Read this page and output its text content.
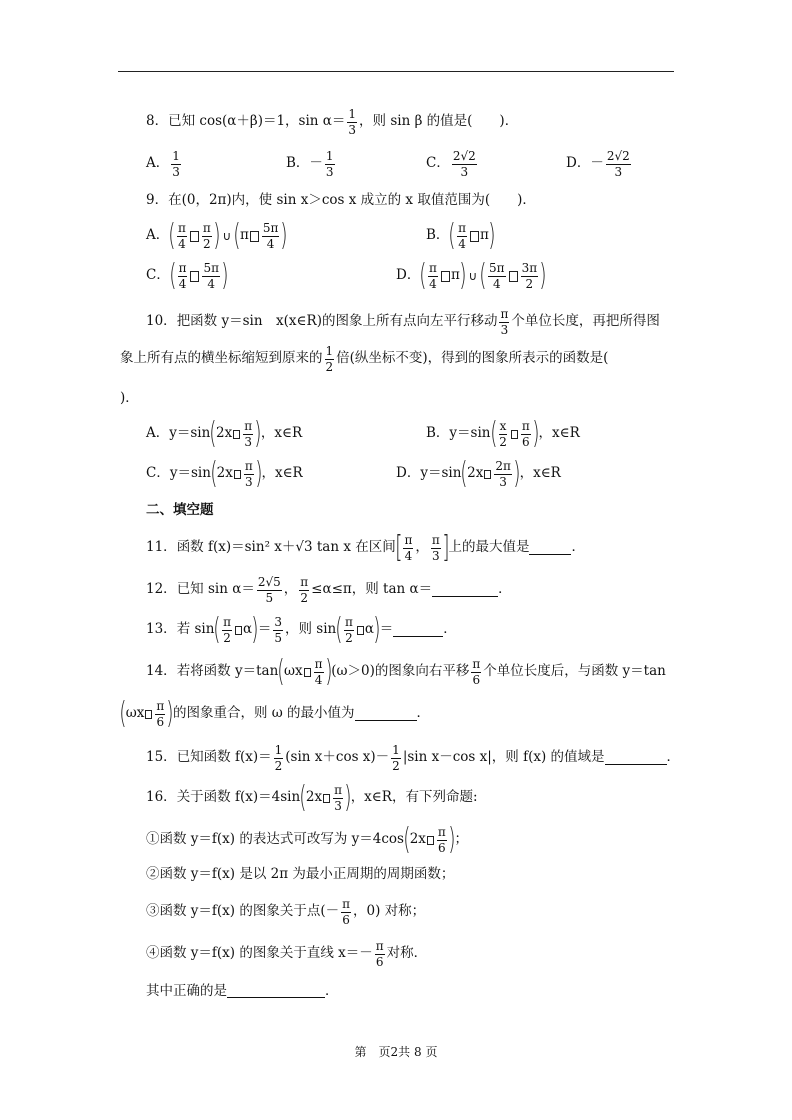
8． 已知 cos(α＋β)＝1，$\sin \alpha= \frac{1}{3}$ ，则 sin β 的值是(　　)．
A． $\frac{1}{3}$	B． － $\frac{1}{3}$	C． $\frac{2√2}{3}$	D． － $\frac{2√2}{3}$
9． 在(0，2π)内，使 sin x＞cos x 成立的 x 取值范围为(　　)．
A． ( $\frac{\pi}{4} \frac{\pi}{2}$ ) ∪ ( π $\frac{5\pi}{4}$ )	B． ( $\frac{\pi}{4}$ π )
C． ( $\frac{\pi}{4} \frac{5\pi}{4}$ )	D． ( $\frac{\pi}{4}$ π ) ∪ ( $\frac{5\pi}{4} \frac{3\pi}{2}$ )
10． 把函数 y＝sin　x(x∈R)的图象上所有点向左平行移动 $\frac{\pi}{3}$ 个单位长度，再把所得图
象上所有点的横坐标缩短到原来的 $\frac{1}{2}$ 倍(纵坐标不变)，得到的图象所表示的函数是(
)．
A． y＝sin ( $2x \frac{\pi}{3}$ ) ，x∈R	B． y＝sin ( $\frac{x}{2} \frac{\pi}{6}$ ) ，x∈R
C． y＝sin ( $2x \frac{\pi}{3}$ ) ，x∈R	D． y＝sin ( $2x \frac{2\pi}{3}$ ) ，x∈R
二、填空题
11． 函数 f(x)＝sin² x＋√3 tan x 在区间 [ $\frac{\pi}{4}$ ， $\frac{\pi}{3}$ ] 上的最大值是	．
12． 已知 $\sin \alpha= \frac{2√5}{5}$ ， $\frac{\pi}{2} \le\alpha\le\pi$，则 tan α＝	．
13． 若 sin ( $\frac{\pi}{2}$ α ) ＝ $\frac{3}{5}$ ，则 sin ( $\frac{\pi}{2}$ α ) ＝	．
14． 若将函数 y＝tan ( ωx $\frac{\pi}{4}$ ) (ω＞0)的图象向右平移 $\frac{\pi}{6}$ 个单位长度后，与函数 y＝tan
( ωx $\frac{\pi}{6}$ ) 的图象重合，则 ω 的最小值为	．
15． 已知函数 $f(x)= \frac{1}{2} (\sin$ x＋cos $x)- \frac{1}{2} |\sin$ x－cos x|，则 f(x) 的值域是	．
16． 关于函数 f(x)＝4sin ( $2x \frac{\pi}{3}$ ) ，x∈R，有下列命题:
①函数 y＝f(x) 的表达式可改写为 y＝4cos ( $2x \frac{\pi}{6}$ ) ；
②函数 y＝f(x) 是以 2π 为最小正周期的周期函数；
③函数 y＝f(x) 的图象关于点(－ $\frac{\pi}{6}$ ，0) 对称；
④函数 y＝f(x) 的图象关于直线 $x=- \frac{\pi}{6}$ 对称．
其中正确的是	．
第　页2共 8 页
